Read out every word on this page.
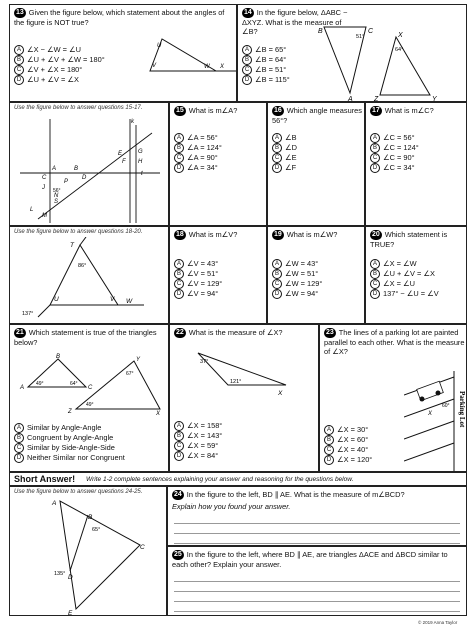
13 Given the figure below, which statement about the angles of the figure is NOT true?
A ∠X − ∠W = ∠U
B ∠U + ∠V + ∠W = 180°
C ∠V + ∠X = 180°
D ∠U + ∠V = ∠X
U
V	W X
14 In the figure below, ΔABC ~ ΔXYZ. What is the measure of ∠B?
A ∠B = 65°
B ∠B = 64°
C ∠B = 51°
D ∠B = 115°
B	C
A
X
Z	Y
51°
64°
Use the figure below to answer questions 15-17.
t
k
A
C
B
D
E
F
G
H
J
L
M
N
P
S
56°
15 What is m∠A?
A ∠A = 56°
B ∠A = 124°
C ∠A = 90°
D ∠A = 34°
16 Which angle measures 56°?
A ∠B
B ∠D
C ∠E
D ∠F
17 What is m∠C?
A ∠C = 56°
B ∠C = 124°
C ∠C = 90°
D ∠C = 34°
Use the figure below to answer questions 18-20.
T
U	V W
86°
137°
18 What is m∠V?
A ∠V = 43°
B ∠V = 51°
C ∠V = 129°
D ∠V = 94°
19 What is m∠W?
A ∠W = 43°
B ∠W = 51°
C ∠W = 129°
D ∠W = 94°
20 Which statement is TRUE?
A ∠X = ∠W
B ∠U + ∠V = ∠X
C ∠X = ∠U
D 137° − ∠U = ∠V
21 Which statement is true of the triangles below?
B
A	C
Y
Z	X
49°	64°
49°
67°
A Similar by Angle-Angle
B Congruent by Angle-Angle
C Similar by Side-Angle-Side
D Neither Similar nor Congruent
22 What is the measure of ∠X?
37°
121°
X
A ∠X = 158°
B ∠X = 143°
C ∠X = 59°
D ∠X = 84°
23 The lines of a parking lot are painted parallel to each other. What is the measure of ∠X?
60°
X	Parking Lot
A ∠X = 30°
B ∠X = 60°
C ∠X = 40°
D ∠X = 120°
Short Answer! Write 1-2 complete sentences explaining your answer and reasoning for the questions below.
Use the figure below to answer questions 24-25.
A
B
C
D
E
65°
135°
24 In the figure to the left, BD ∥ AE. What is the measure of m∠BCD?
Explain how you found your answer.
25 In the figure to the left, where BD ∥ AE, are triangles ΔACE and ΔBCD similar to each other? Explain your answer.
© 2019 Anna Taylor
